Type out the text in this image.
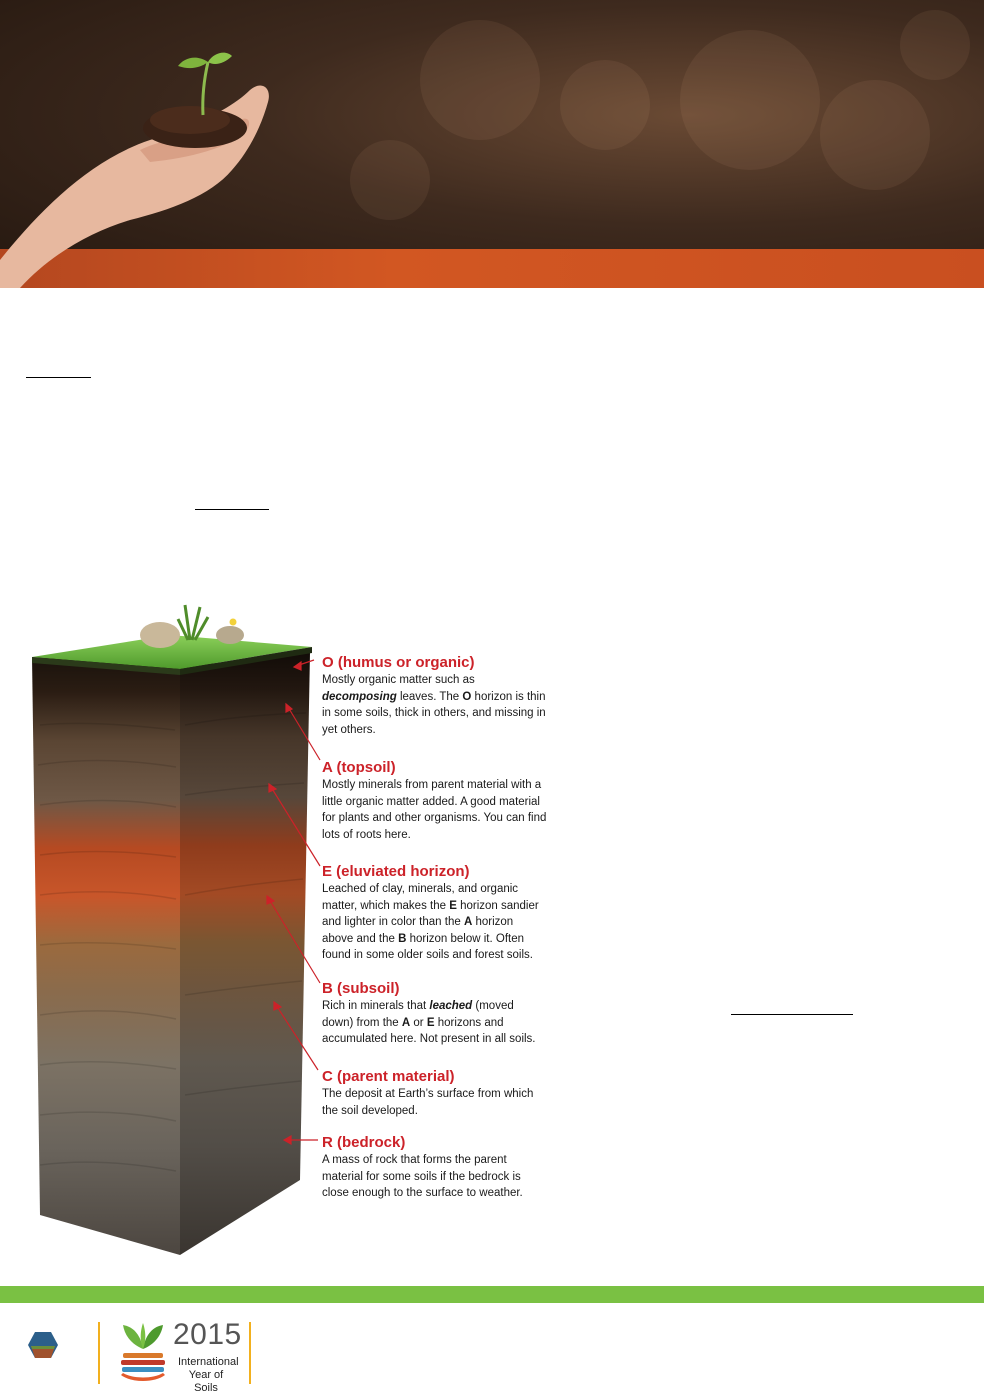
O (humus or organic)

Mostly organic matter such as decomposing leaves. The O horizon is thin in some soils, thick in others, and missing in yet others.

A (topsoil)

Mostly minerals from parent material with a little organic matter added. A good material for plants and other organisms. You can find lots of roots here.

E (eluviated horizon)

Leached of clay, minerals, and organic matter, which makes the E horizon sandier and lighter in color than the A horizon above and the B horizon below it. Often found in some older soils and forest soils.

B (subsoil)

Rich in minerals that leached (moved down) from the A or E horizons and accumulated here. Not present in all soils.

C (parent material)

The deposit at Earth’s surface from which the soil developed.

R (bedrock)

A mass of rock that forms the parent material for some soils if the bedrock is close enough to the surface to weather.

2015
International
Year of Soils
